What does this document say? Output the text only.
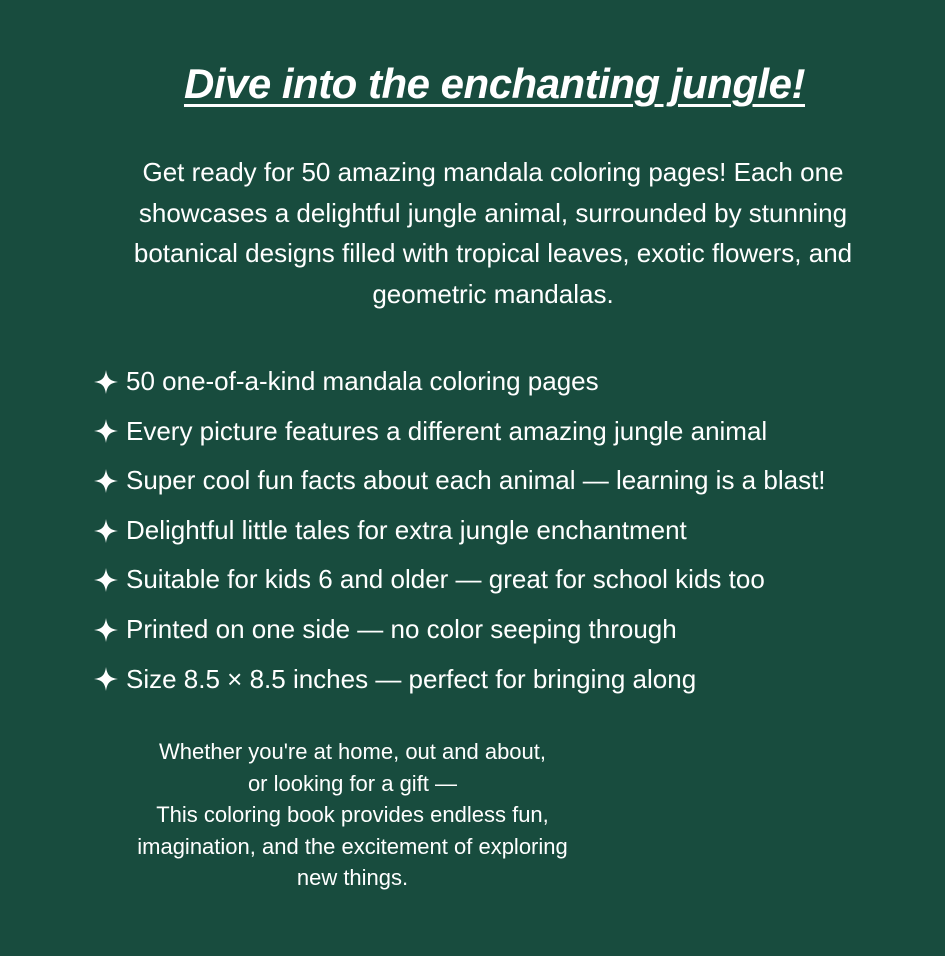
Dive into the enchanting jungle!

Get ready for 50 amazing mandala coloring pages! Each one showcases a delightful jungle animal, surrounded by stunning botanical designs filled with tropical leaves, exotic flowers, and geometric mandalas.

50 one-of-a-kind mandala coloring pages
Every picture features a different amazing jungle animal
Super cool fun facts about each animal — learning is a blast!
Delightful little tales for extra jungle enchantment
Suitable for kids 6 and older — great for school kids too
Printed on one side — no color seeping through
Size 8.5 × 8.5 inches — perfect for bringing along

Whether you're at home, out and about,
or looking for a gift —
This coloring book provides endless fun,
imagination, and the excitement of exploring
new things.
